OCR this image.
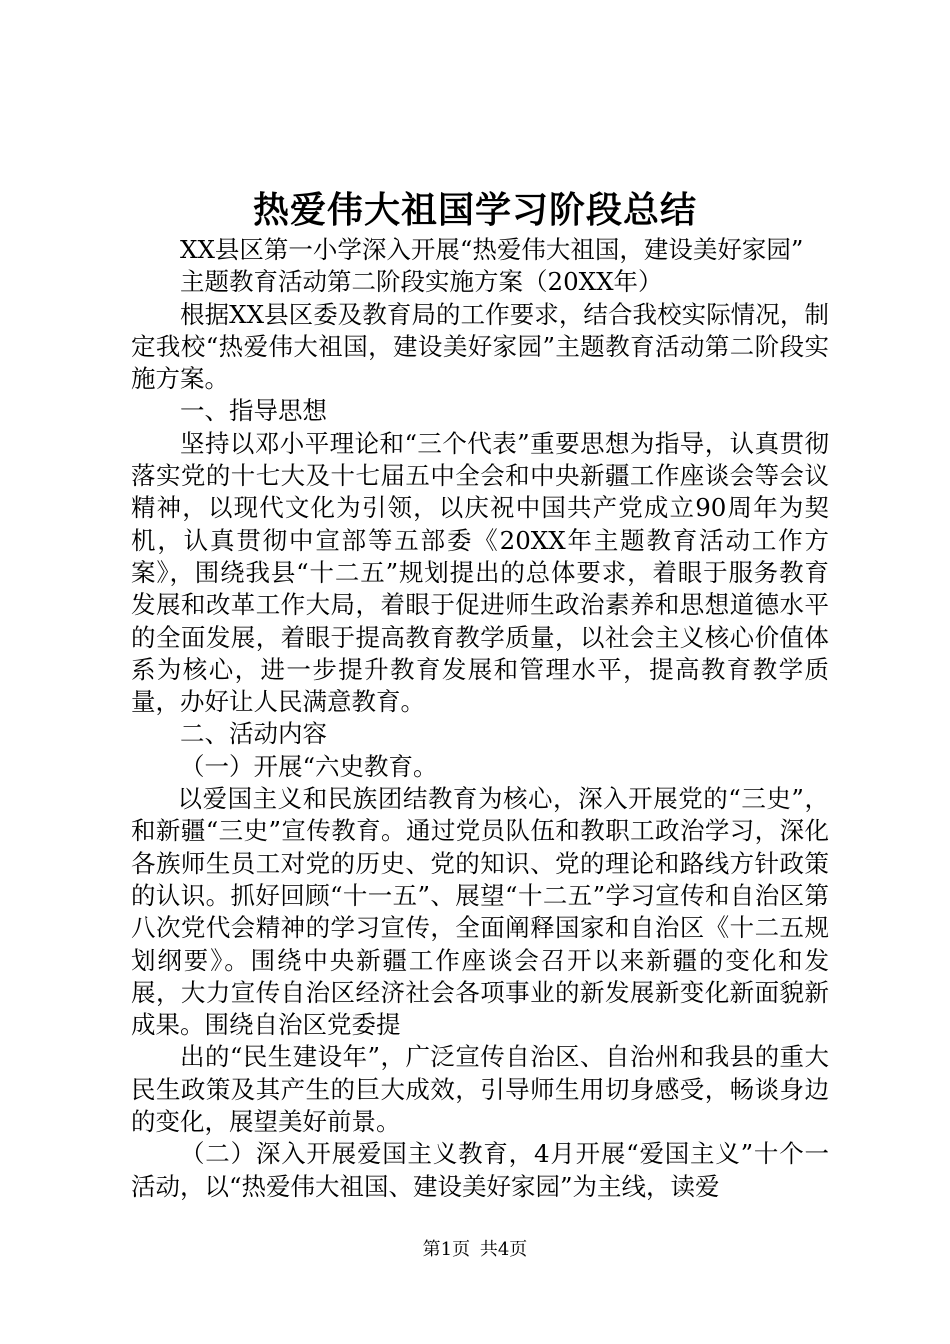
热爱伟大祖国学习阶段总结

XX县区第一小学深入开展“热爱伟大祖国，建设美好家园”

主题教育活动第二阶段实施方案（20XX年）

根据XX县区委及教育局的工作要求，结合我校实际情况，制定我校“热爱伟大祖国，建设美好家园”主题教育活动第二阶段实施方案。

一、指导思想

坚持以邓小平理论和“三个代表”重要思想为指导，认真贯彻落实党的十七大及十七届五中全会和中央新疆工作座谈会等会议精神，以现代文化为引领，以庆祝中国共产党成立90周年为契机，认真贯彻中宣部等五部委《20XX年主题教育活动工作方案》，围绕我县“十二五”规划提出的总体要求，着眼于服务教育发展和改革工作大局，着眼于促进师生政治素养和思想道德水平的全面发展，着眼于提高教育教学质量，以社会主义核心价值体系为核心，进一步提升教育发展和管理水平，提高教育教学质量，办好让人民满意教育。

二、活动内容

（一）开展“六史教育。

以爱国主义和民族团结教育为核心，深入开展党的“三史”，和新疆“三史”宣传教育。通过党员队伍和教职工政治学习，深化各族师生员工对党的历史、党的知识、党的理论和路线方针政策的认识。抓好回顾“十一五”、展望“十二五”学习宣传和自治区第八次党代会精神的学习宣传，全面阐释国家和自治区《十二五规划纲要》。围绕中央新疆工作座谈会召开以来新疆的变化和发展，大力宣传自治区经济社会各项事业的新发展新变化新面貌新成果。围绕自治区党委提

出的“民生建设年”，广泛宣传自治区、自治州和我县的重大民生政策及其产生的巨大成效，引导师生用切身感受，畅谈身边的变化，展望美好前景。

（二）深入开展爱国主义教育，4月开展“爱国主义”十个一活动，以“热爱伟大祖国、建设美好家园”为主线，读爱

第1页 共4页
